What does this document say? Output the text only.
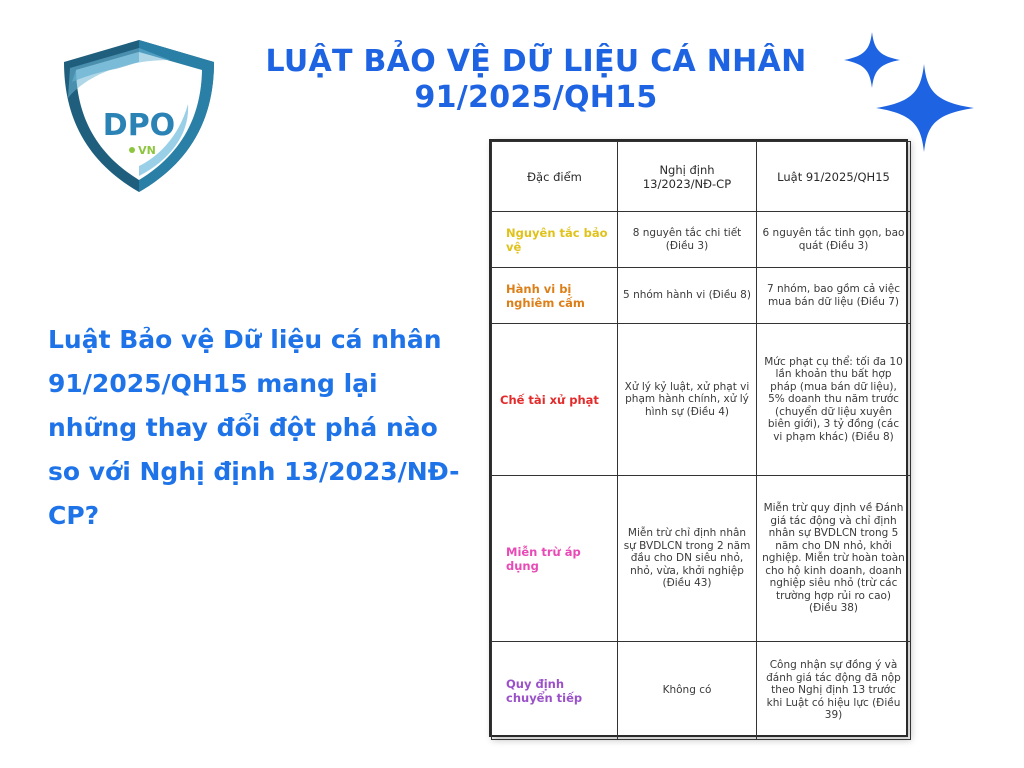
DPO
VN
LUẬT BẢO VỆ DỮ LIỆU CÁ NHÂN
91/2025/QH15
Luật Bảo vệ Dữ liệu cá nhân 91/2025/QH15 mang lại những thay đổi đột phá nào so với Nghị định 13/2023/NĐ-CP?
Đặc điểm	Nghị định 13/2023/NĐ-CP	Luật 91/2025/QH15
Nguyên tắc bảo vệ	8 nguyên tắc chi tiết (Điều 3)	6 nguyên tắc tinh gọn, bao quát (Điều 3)
Hành vi bị nghiêm cấm	5 nhóm hành vi (Điều 8)	7 nhóm, bao gồm cả việc mua bán dữ liệu (Điều 7)
Chế tài xử phạt	Xử lý kỷ luật, xử phạt vi phạm hành chính, xử lý hình sự (Điều 4)	Mức phạt cụ thể: tối đa 10 lần khoản thu bất hợp pháp (mua bán dữ liệu), 5% doanh thu năm trước (chuyển dữ liệu xuyên biên giới), 3 tỷ đồng (các vi phạm khác) (Điều 8)
Miễn trừ áp dụng	Miễn trừ chỉ định nhân sự BVDLCN trong 2 năm đầu cho DN siêu nhỏ, nhỏ, vừa, khởi nghiệp (Điều 43)	Miễn trừ quy định về Đánh giá tác động và chỉ định nhân sự BVDLCN trong 5 năm cho DN nhỏ, khởi nghiệp. Miễn trừ hoàn toàn cho hộ kinh doanh, doanh nghiệp siêu nhỏ (trừ các trường hợp rủi ro cao) (Điều 38)
Quy định chuyển tiếp	Không có	Công nhận sự đồng ý và đánh giá tác động đã nộp theo Nghị định 13 trước khi Luật có hiệu lực (Điều 39)
